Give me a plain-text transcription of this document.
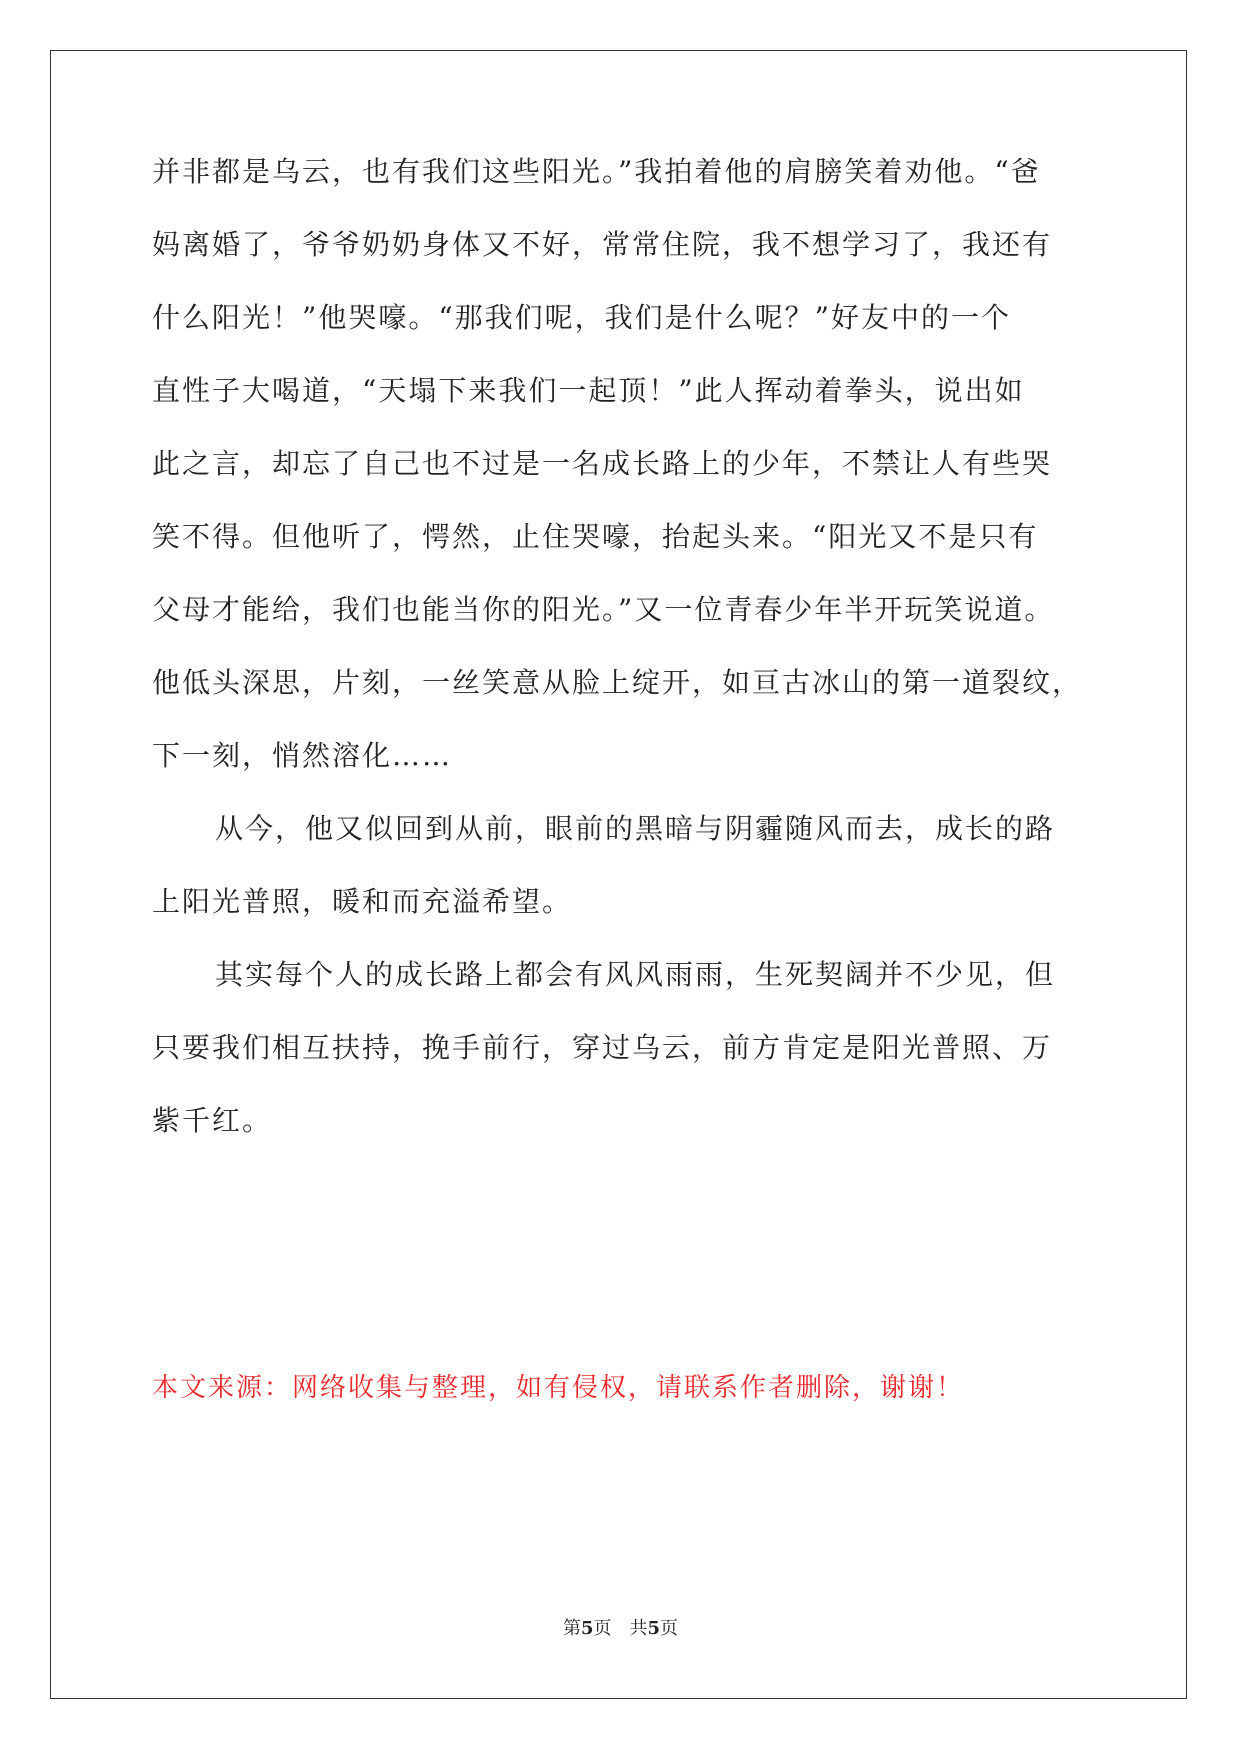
并非都是乌云，也有我们这些阳光。”我拍着他的肩膀笑着劝他。“爸
妈离婚了，爷爷奶奶身体又不好，常常住院，我不想学习了，我还有
什么阳光！”他哭嚎。“那我们呢，我们是什么呢？”好友中的一个
直性子大喝道，“天塌下来我们一起顶！”此人挥动着拳头，说出如
此之言，却忘了自己也不过是一名成长路上的少年，不禁让人有些哭
笑不得。但他听了，愕然，止住哭嚎，抬起头来。“阳光又不是只有
父母才能给，我们也能当你的阳光。”又一位青春少年半开玩笑说道。
他低头深思，片刻，一丝笑意从脸上绽开，如亘古冰山的第一道裂纹，
下一刻，悄然溶化……
从今，他又似回到从前，眼前的黑暗与阴霾随风而去，成长的路
上阳光普照，暖和而充溢希望。
其实每个人的成长路上都会有风风雨雨，生死契阔并不少见，但
只要我们相互扶持，挽手前行，穿过乌云，前方肯定是阳光普照、万
紫千红。
本文来源：网络收集与整理，如有侵权，请联系作者删除，谢谢！
第5页 共5页
